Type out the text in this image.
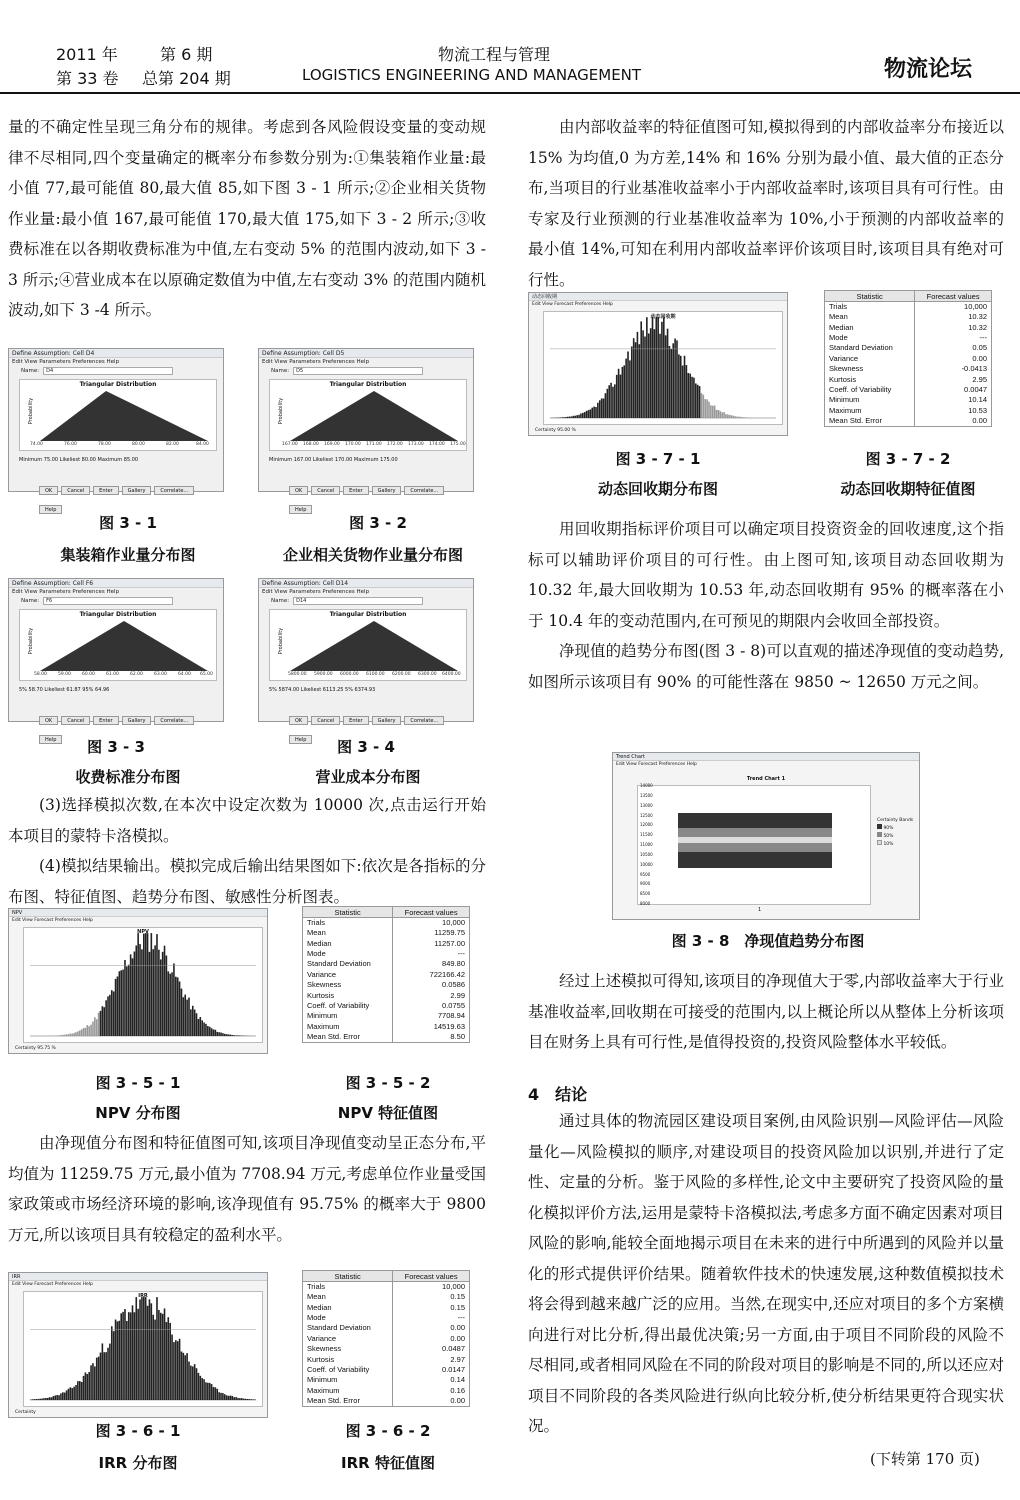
2011 年	第 6 期
第 33 卷 总第 204 期
物流工程与管理
LOGISTICS ENGINEERING AND MANAGEMENT	物流论坛

量的不确定性呈现三角分布的规律。考虑到各风险假设变量的变动规律不尽相同,四个变量确定的概率分布参数分别为:①集装箱作业量:最小值 77,最可能值 80,最大值 85,如下图 3 - 1 所示;②企业相关货物作业量:最小值 167,最可能值 170,最大值 175,如下 3 - 2 所示;③收费标准在以各期收费标准为中值,左右变动 5% 的范围内波动,如下 3 - 3 所示;④营业成本在以原确定数值为中值,左右变动 3% 的范围内随机波动,如下 3 -4 所示。

Define Assumption: Cell D4
Edit View Parameters Preferences Help
Name: D4
Triangular Distribution
Probability
74.00	76.00	78.00	80.00	82.00	84.00
Minimum 75.00 Likeliest 80.00 Maximum 85.00
OK	Cancel	Enter	Gallery	Correlate...Help
Define Assumption: Cell D5
Edit View Parameters Preferences Help
Name: D5
Triangular Distribution
Probability
167.00 168.00 169.00 170.00 171.00 172.00 173.00 174.00 175.00
Minimum 167.00 Likeliest 170.00 Maximum 175.00
OK	Cancel	Enter	Gallery	Correlate...Help
图 3 - 1
集装箱作业量分布图
图 3 - 2
企业相关货物作业量分布图
Define Assumption: Cell F6
Edit View Parameters Preferences Help
Name: F6
Triangular Distribution
Probability
58.00 59.00 60.00 61.00 62.00 63.00 64.00 65.00
5% 58.70 Likeliest 61.87 95% 64.96
OK	Cancel	Enter	Gallery	Correlate...Help
Define Assumption: Cell D14
Edit View Parameters Preferences Help
Name: D14
Triangular Distribution
Probability
5800.00 5900.00 6000.00 6100.00 6200.00 6300.00 6400.00
5% 5874.00 Likeliest 6113.25 5% 6374.93
OK	Cancel	Enter	Gallery	Correlate...Help
图 3 - 3
收费标准分布图
图 3 - 4
营业成本分布图

(3)选择模拟次数,在本次中设定次数为 10000 次,点击运行开始本项目的蒙特卡洛模拟。

(4)模拟结果输出。模拟完成后输出结果图如下:依次是各指标的分布图、特征值图、趋势分布图、敏感性分析图表。

NPV
Edit View Forecast Preferences Help
NPV
Certainty 95.75 %
Statistic	Forecast values
Trials	10,000
Mean	11259.75
Median	11257.00
Mode	---
Standard Deviation	849.80
Variance	722166.42
Skewness	0.0586
Kurtosis	2.99
Coeff. of Variability	0.0755
Minimum	7708.94
Maximum	14519.63
Mean Std. Error	8.50
图 3 - 5 - 1
NPV 分布图
图 3 - 5 - 2
NPV 特征值图

由净现值分布图和特征值图可知,该项目净现值变动呈正态分布,平均值为 11259.75 万元,最小值为 7708.94 万元,考虑单位作业量受国家政策或市场经济环境的影响,该净现值有 95.75% 的概率大于 9800 万元,所以该项目具有较稳定的盈利水平。

IRR
Edit View Forecast Preferences Help
IRR
Certainty
Statistic	Forecast values
Trials	10,000
Mean	0.15
Median	0.15
Mode	---
Standard Deviation	0.00
Variance	0.00
Skewness	0.0487
Kurtosis	2.97
Coeff. of Variability	0.0147
Minimum	0.14
Maximum	0.16
Mean Std. Error	0.00
图 3 - 6 - 1
IRR 分布图
图 3 - 6 - 2
IRR 特征值图

由内部收益率的特征值图可知,模拟得到的内部收益率分布接近以 15% 为均值,0 为方差,14% 和 16% 分别为最小值、最大值的正态分布,当项目的行业基准收益率小于内部收益率时,该项目具有可行性。由专家及行业预测的行业基准收益率为 10%,小于预测的内部收益率的最小值 14%,可知在利用内部收益率评价该项目时,该项目具有绝对可行性。

动态回收期
Edit View Forecast Preferences Help
动态回收期
Certainty 95.00 %
Statistic	Forecast values
Trials	10,000
Mean	10.32
Median	10.32
Mode	---
Standard Deviation	0.05
Variance	0.00
Skewness	-0.0413
Kurtosis	2.95
Coeff. of Variability	0.0047
Minimum	10.14
Maximum	10.53
Mean Std. Error	0.00
图 3 - 7 - 1
动态回收期分布图
图 3 - 7 - 2
动态回收期特征值图

用回收期指标评价项目可以确定项目投资资金的回收速度,这个指标可以辅助评价项目的可行性。由上图可知,该项目动态回收期为 10.32 年,最大回收期为 10.53 年,动态回收期有 95% 的概率落在小于 10.4 年的变动范围内,在可预见的期限内会收回全部投资。

净现值的趋势分布图(图 3 - 8)可以直观的描述净现值的变动趋势,如图所示该项目有 90% 的可能性落在 9850 ~ 12650 万元之间。

Trend Chart
Edit View Forecast Preferences Help
Trend Chart 1
14000
13500
13000
12500
12000
11500
11000
10500
10000
9500
9000
8500
8000
Certainty Bands
90%
50%
10%
1
图 3 - 8　净现值趋势分布图

经过上述模拟可得知,该项目的净现值大于零,内部收益率大于行业基准收益率,回收期在可接受的范围内,以上概论所以从整体上分析该项目在财务上具有可行性,是值得投资的,投资风险整体水平较低。

4　结论

通过具体的物流园区建设项目案例,由风险识别—风险评估—风险量化—风险模拟的顺序,对建设项目的投资风险加以识别,并进行了定性、定量的分析。鉴于风险的多样性,论文中主要研究了投资风险的量化模拟评价方法,运用是蒙特卡洛模拟法,考虑多方面不确定因素对项目风险的影响,能较全面地揭示项目在未来的进行中所遇到的风险并以量化的形式提供评价结果。随着软件技术的快速发展,这种数值模拟技术将会得到越来越广泛的应用。当然,在现实中,还应对项目的多个方案横向进行对比分析,得出最优决策;另一方面,由于项目不同阶段的风险不尽相同,或者相同风险在不同的阶段对项目的影响是不同的,所以还应对项目不同阶段的各类风险进行纵向比较分析,使分析结果更符合现实状况。

(下转第 170 页)
